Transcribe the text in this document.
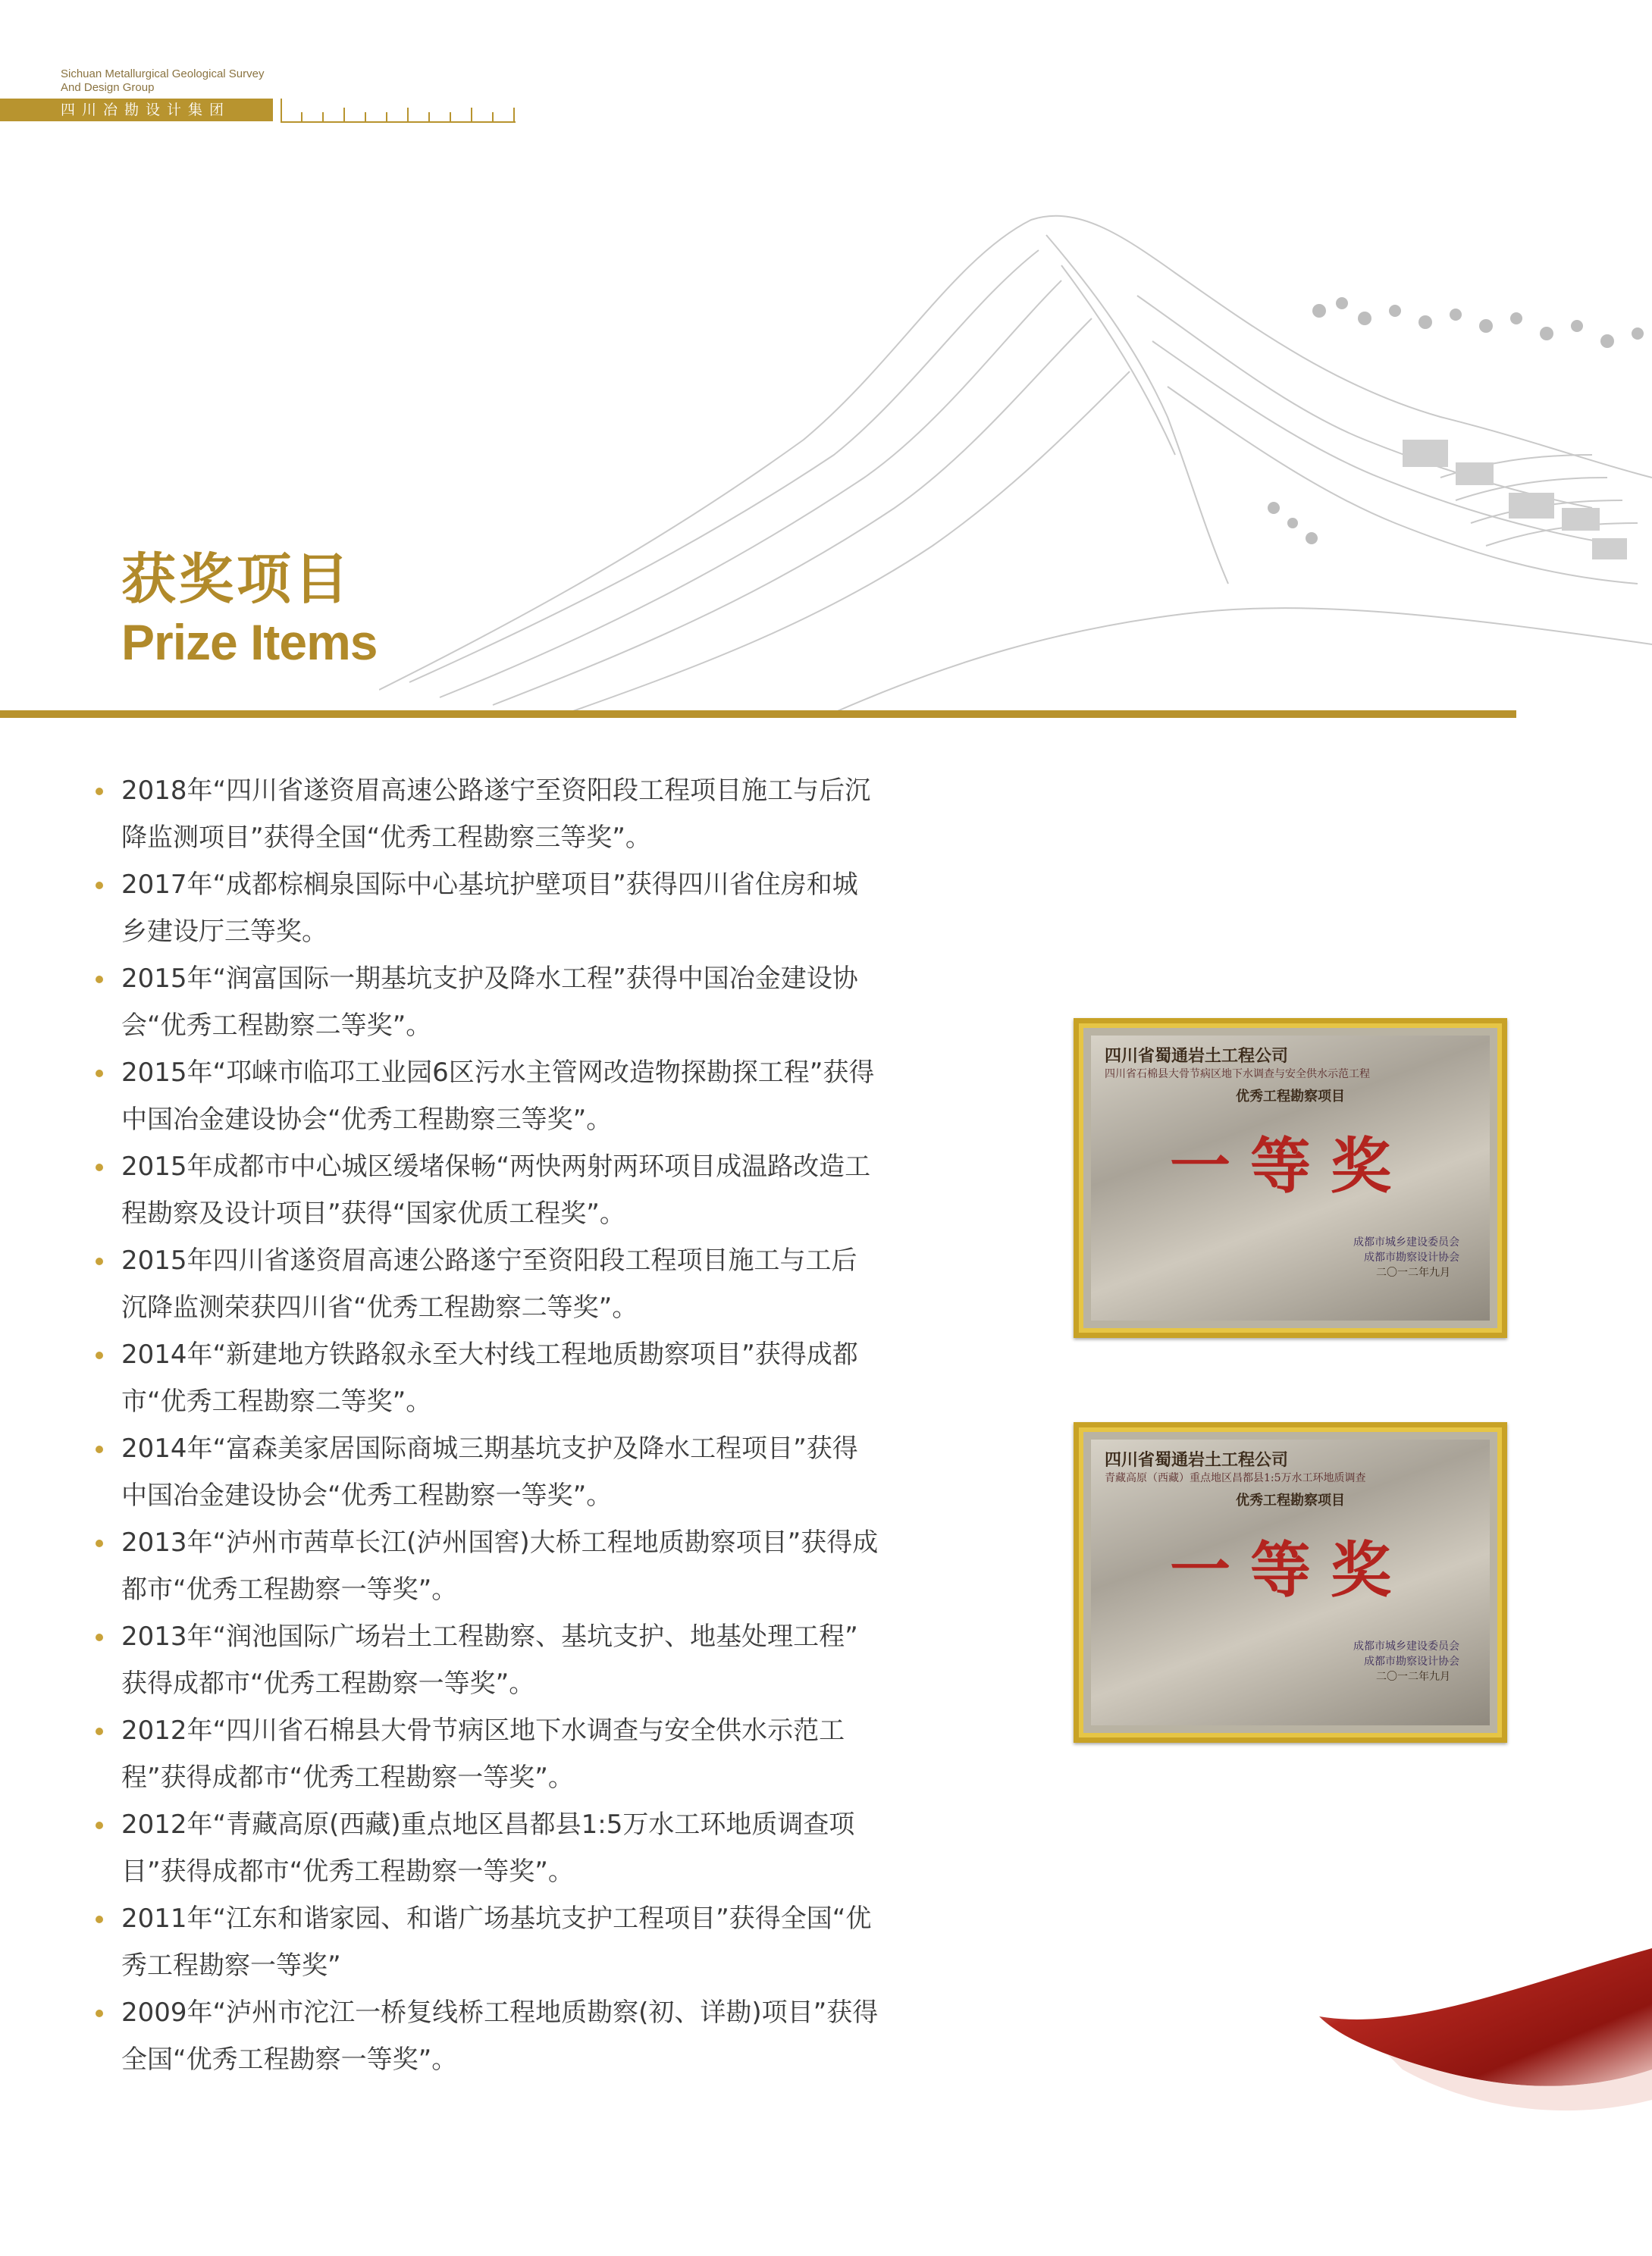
Sichuan Metallurgical Geological Survey
And Design Group
四川冶勘设计集团
获奖项目
Prize Items
2018年“四川省遂资眉高速公路遂宁至资阳段工程项目施工与后沉
降监测项目”获得全国“优秀工程勘察三等奖”。
2017年“成都棕榈泉国际中心基坑护壁项目”获得四川省住房和城
乡建设厅三等奖。
2015年“润富国际一期基坑支护及降水工程”获得中国冶金建设协
会“优秀工程勘察二等奖”。
2015年“邛崃市临邛工业园6区污水主管网改造物探勘探工程”获得
中国冶金建设协会“优秀工程勘察三等奖”。
2015年成都市中心城区缓堵保畅“两快两射两环项目成温路改造工
程勘察及设计项目”获得“国家优质工程奖”。
2015年四川省遂资眉高速公路遂宁至资阳段工程项目施工与工后
沉降监测荣获四川省“优秀工程勘察二等奖”。
2014年“新建地方铁路叙永至大村线工程地质勘察项目”获得成都
市“优秀工程勘察二等奖”。
2014年“富森美家居国际商城三期基坑支护及降水工程项目”获得
中国冶金建设协会“优秀工程勘察一等奖”。
2013年“泸州市茜草长江(泸州国窖)大桥工程地质勘察项目”获得成
都市“优秀工程勘察一等奖”。
2013年“润池国际广场岩土工程勘察、基坑支护、地基处理工程”
获得成都市“优秀工程勘察一等奖”。
2012年“四川省石棉县大骨节病区地下水调查与安全供水示范工
程”获得成都市“优秀工程勘察一等奖”。
2012年“青藏高原(西藏)重点地区昌都县1:5万水工环地质调查项
目”获得成都市“优秀工程勘察一等奖”。
2011年“江东和谐家园、和谐广场基坑支护工程项目”获得全国“优
秀工程勘察一等奖”
2009年“泸州市沱江一桥复线桥工程地质勘察(初、详勘)项目”获得
全国“优秀工程勘察一等奖”。
四川省蜀通岩土工程公司
四川省石棉县大骨节病区地下水调查与安全供水示范工程
优秀工程勘察项目
一等奖
成都市城乡建设委员会
成都市勘察设计协会
二〇一二年九月
四川省蜀通岩土工程公司
青藏高原（西藏）重点地区昌都县1:5万水工环地质调查
优秀工程勘察项目
一等奖
成都市城乡建设委员会
成都市勘察设计协会
二〇一二年九月
